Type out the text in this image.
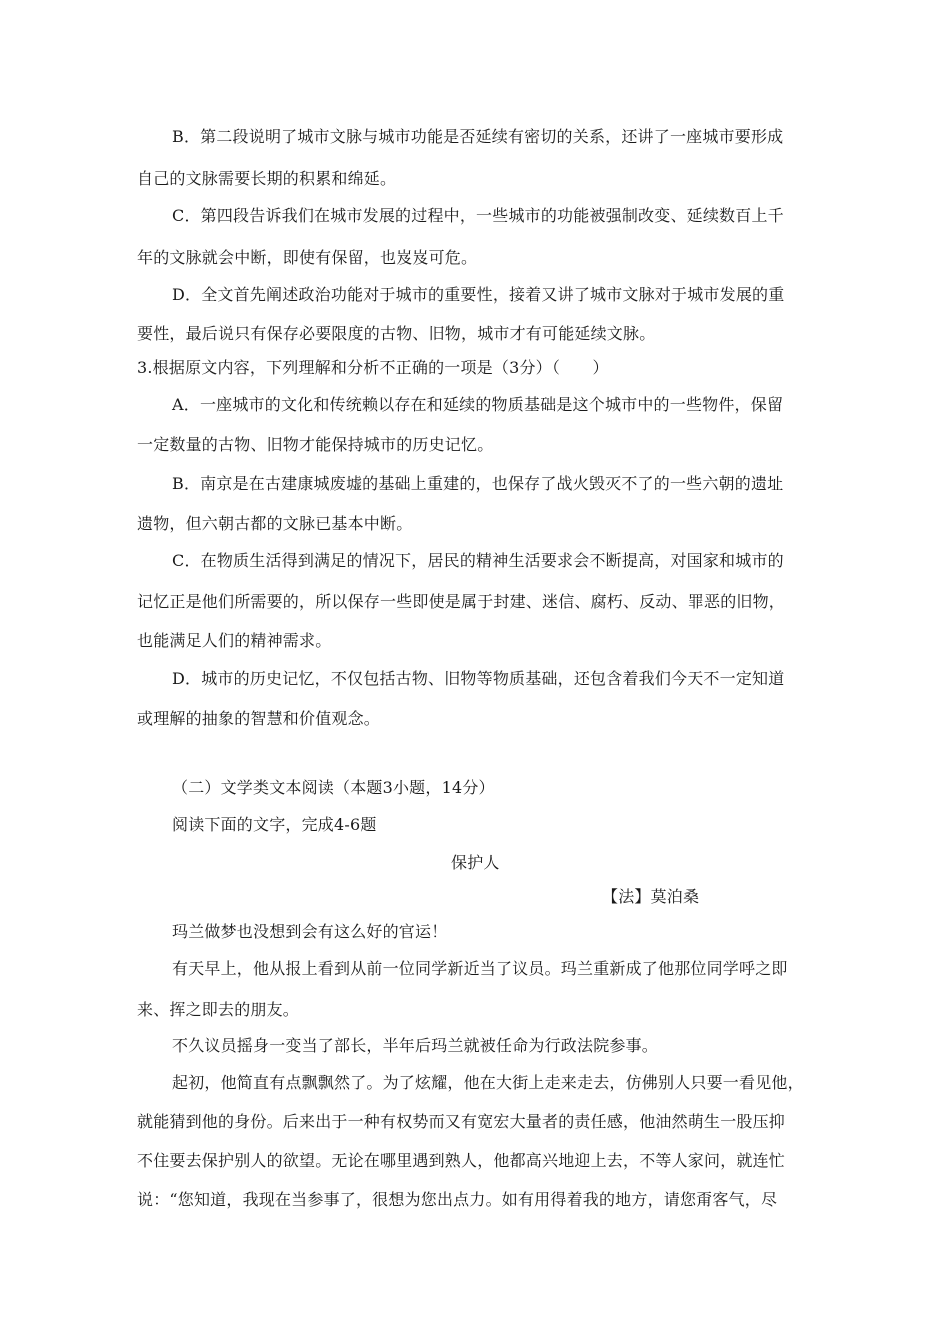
B．第二段说明了城市文脉与城市功能是否延续有密切的关系，还讲了一座城市要形成
自己的文脉需要长期的积累和绵延。
C．第四段告诉我们在城市发展的过程中，一些城市的功能被强制改变、延续数百上千
年的文脉就会中断，即使有保留，也岌岌可危。
D．全文首先阐述政治功能对于城市的重要性，接着又讲了城市文脉对于城市发展的重
要性，最后说只有保存必要限度的古物、旧物，城市才有可能延续文脉。
3.根据原文内容，下列理解和分析不正确的一项是（3分）（　　）
A．一座城市的文化和传统赖以存在和延续的物质基础是这个城市中的一些物件，保留
一定数量的古物、旧物才能保持城市的历史记忆。
B．南京是在古建康城废墟的基础上重建的，也保存了战火毁灭不了的一些六朝的遗址
遗物，但六朝古都的文脉已基本中断。
C．在物质生活得到满足的情况下，居民的精神生活要求会不断提高，对国家和城市的
记忆正是他们所需要的，所以保存一些即使是属于封建、迷信、腐朽、反动、罪恶的旧物，
也能满足人们的精神需求。
D．城市的历史记忆，不仅包括古物、旧物等物质基础，还包含着我们今天不一定知道
或理解的抽象的智慧和价值观念。
（二）文学类文本阅读（本题3小题，14分）
阅读下面的文字，完成4-6题
保护人
【法】莫泊桑
玛兰做梦也没想到会有这么好的官运！
有天早上，他从报上看到从前一位同学新近当了议员。玛兰重新成了他那位同学呼之即
来、挥之即去的朋友。
不久议员摇身一变当了部长，半年后玛兰就被任命为行政法院参事。
起初，他简直有点飘飘然了。为了炫耀，他在大街上走来走去，仿佛别人只要一看见他，
就能猜到他的身份。后来出于一种有权势而又有宽宏大量者的责任感，他油然萌生一股压抑
不住要去保护别人的欲望。无论在哪里遇到熟人，他都高兴地迎上去，不等人家问，就连忙
说：“您知道，我现在当参事了，很想为您出点力。如有用得着我的地方，请您甭客气，尽
